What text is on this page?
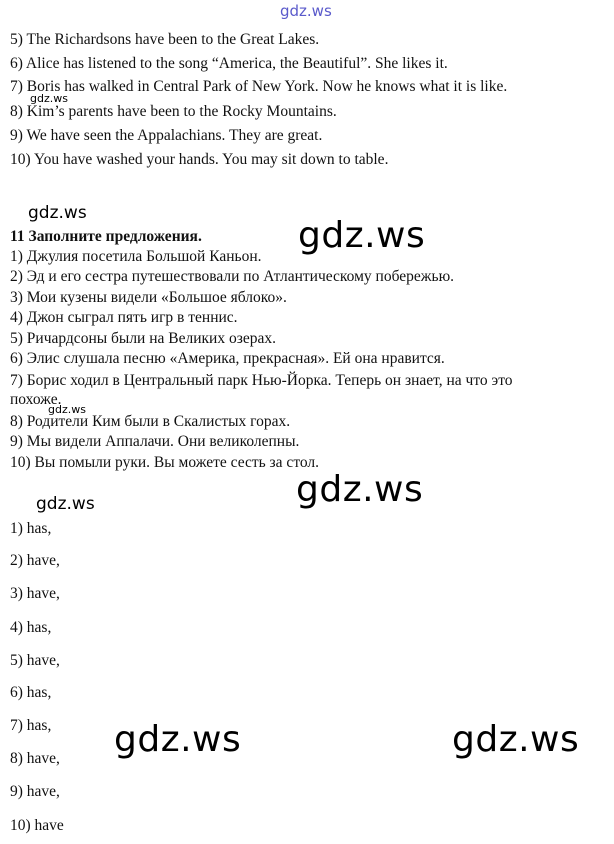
gdz.ws
5) The Richardsons have been to the Great Lakes.
6) Alice has listened to the song “America, the Beautiful”. She likes it.
7) Boris has walked in Central Park of New York. Now he knows what it is like.
8) Kim’s parents have been to the Rocky Mountains.
9) We have seen the Appalachians. They are great.
10) You have washed your hands. You may sit down to table.
gdz.ws
gdz.ws
11 Заполните предложения.
1) Джулия посетила Большой Каньон.
2) Эд и его сестра путешествовали по Атлантическому побережью.
3) Мои кузены видели «Большое яблоко».
4) Джон сыграл пять игр в теннис.
5) Ричардсоны были на Великих озерах.
6) Элис слушала песню «Америка, прекрасная». Ей она нравится.
7) Борис ходил в Центральный парк Нью-Йорка. Теперь он знает, на что это
похоже.
8) Родители Ким были в Скалистых горах.
9) Мы видели Аппалачи. Они великолепны.
10) Вы помыли руки. Вы можете сесть за стол.
gdz.ws
gdz.ws
gdz.ws
gdz.ws
1) has,
2) have,
3) have,
4) has,
5) have,
6) has,
7) has,
8) have,
9) have,
10) have
gdz.ws	gdz.ws
